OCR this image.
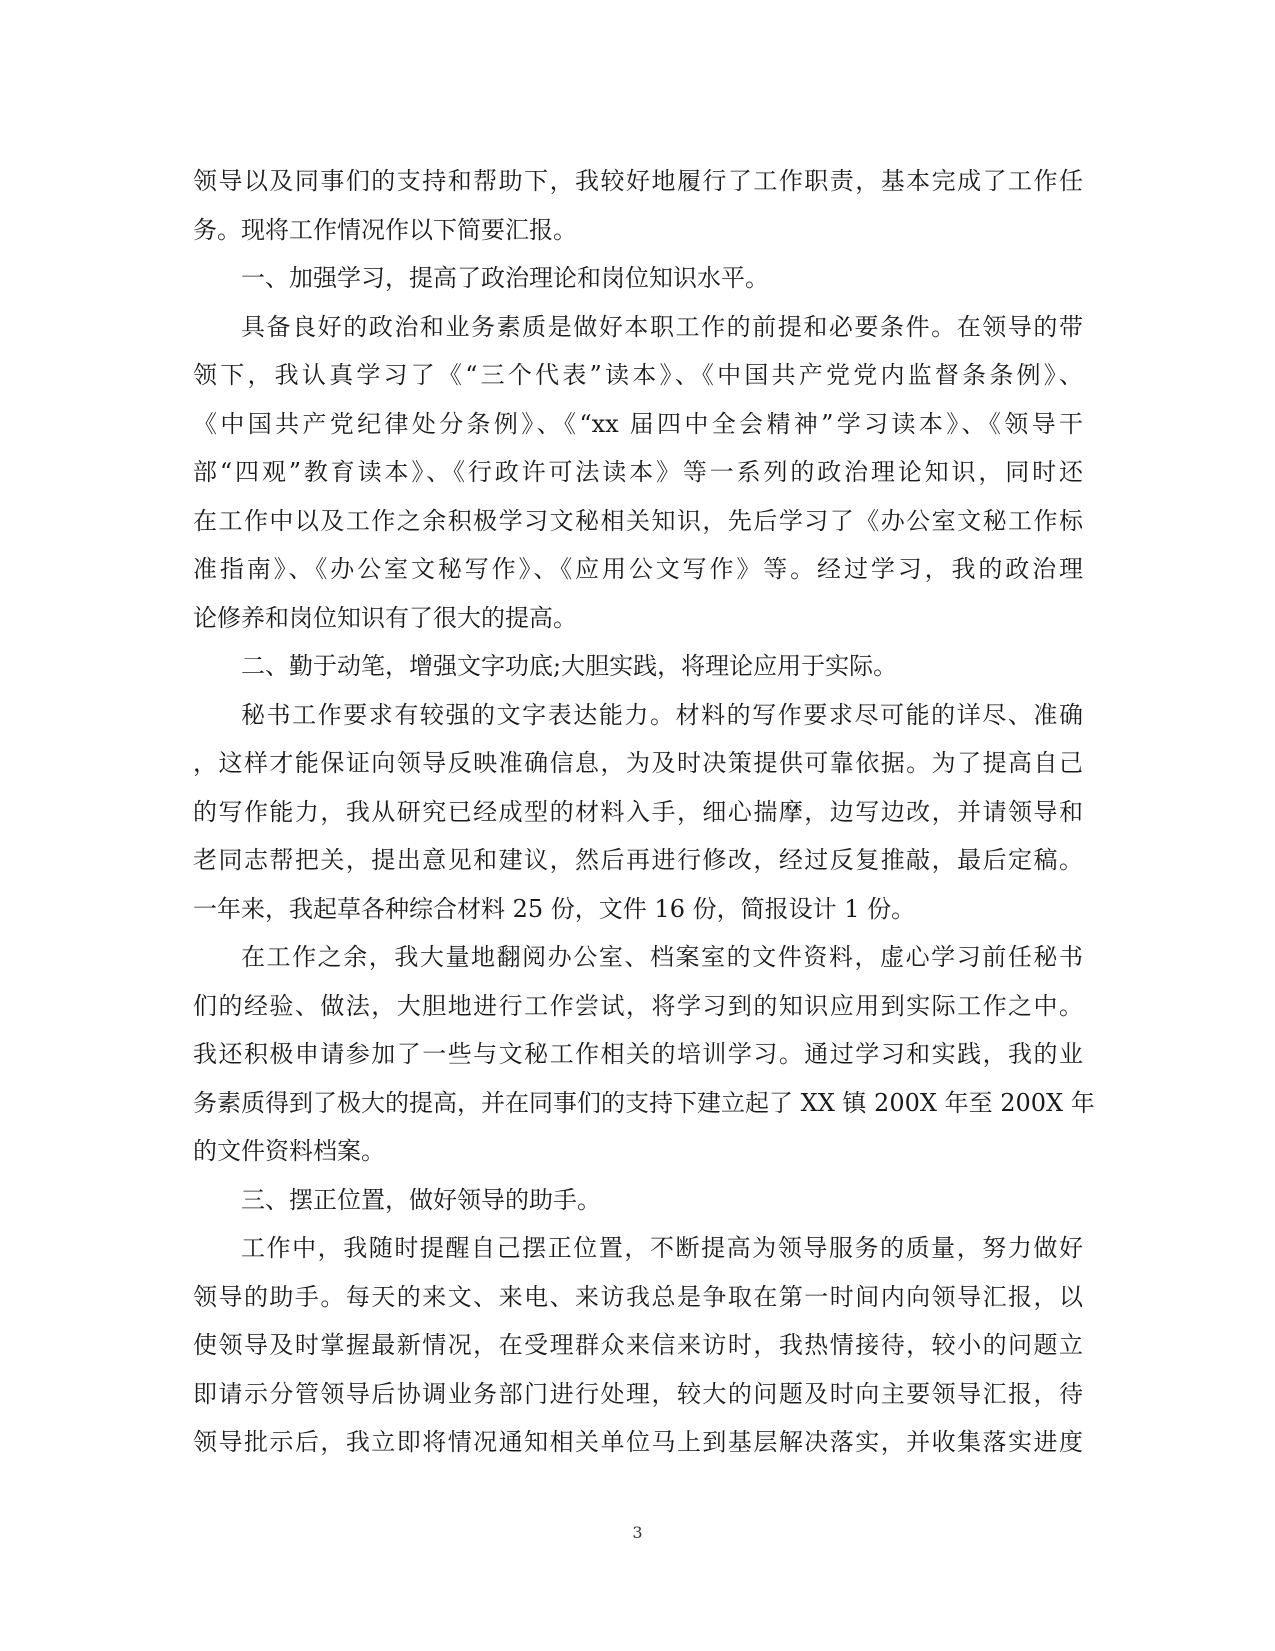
领导以及同事们的支持和帮助下，我较好地履行了工作职责，基本完成了工作任
务。现将工作情况作以下简要汇报。
一、加强学习，提高了政治理论和岗位知识水平。
具备良好的政治和业务素质是做好本职工作的前提和必要条件。在领导的带
领下，我认真学习了《“三个代表”读本》、《中国共产党党内监督条条例》、
《中国共产党纪律处分条例》、《“xx 届四中全会精神”学习读本》、《领导干
部“四观”教育读本》、《行政许可法读本》等一系列的政治理论知识，同时还
在工作中以及工作之余积极学习文秘相关知识，先后学习了《办公室文秘工作标
准指南》、《办公室文秘写作》、《应用公文写作》等。经过学习，我的政治理
论修养和岗位知识有了很大的提高。
二、勤于动笔，增强文字功底;大胆实践，将理论应用于实际。
秘书工作要求有较强的文字表达能力。材料的写作要求尽可能的详尽、准确
，这样才能保证向领导反映准确信息，为及时决策提供可靠依据。为了提高自己
的写作能力，我从研究已经成型的材料入手，细心揣摩，边写边改，并请领导和
老同志帮把关，提出意见和建议，然后再进行修改，经过反复推敲，最后定稿。
一年来，我起草各种综合材料 25 份，文件 16 份，简报设计 1 份。
在工作之余，我大量地翻阅办公室、档案室的文件资料，虚心学习前任秘书
们的经验、做法，大胆地进行工作尝试，将学习到的知识应用到实际工作之中。
我还积极申请参加了一些与文秘工作相关的培训学习。通过学习和实践，我的业
务素质得到了极大的提高，并在同事们的支持下建立起了 XX 镇 200X 年至 200X 年
的文件资料档案。
三、摆正位置，做好领导的助手。
工作中，我随时提醒自己摆正位置，不断提高为领导服务的质量，努力做好
领导的助手。每天的来文、来电、来访我总是争取在第一时间内向领导汇报，以
使领导及时掌握最新情况，在受理群众来信来访时，我热情接待，较小的问题立
即请示分管领导后协调业务部门进行处理，较大的问题及时向主要领导汇报，待
领导批示后，我立即将情况通知相关单位马上到基层解决落实，并收集落实进度
3
